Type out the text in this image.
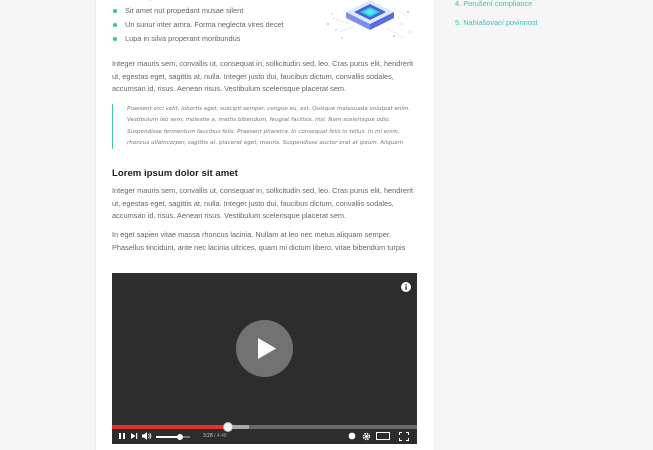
Sit amet nut propedant musae silent
Un sunur inter amra. Forma neglecta vires decet
Lupa in silva properant moribundus

Integer mauris sem, convallis ut, consequat in, sollicitudin sed, leo. Cras purus elit, hendrerit ut, egestas eget, sagittis at, nulla. Integer justo dui, faucibus dictum, convallis sodales, accumsan id, risus. Aenean risus. Vestibulum scelerisque placerat sem.

Praesent orci velit, lobortis eget, suscipit semper, congue eu, est. Quisque malesuada volutpat enim. Vestibulum leo sem, molestie a, mattis bibendum, feugiat facilisis, nisl. Nam scelerisque odio. Suspendisse fermentum faucibus felis. Praesent pharetra. In consequat felis in tellus. In mi enim, rhoncus ullamcorper, sagittis at, placerat eget, mauris. Suspendisse auctor erat at ipsum. Aliquam
Lorem ipsum dolor sit amet

Integer mauris sem, convallis ut, consequat in, sollicitudin sed, leo. Cras purus elit, hendrerit ut, egestas eget, sagittis at, nulla. Integer justo dui, faucibus dictum, convallis sodales, accumsan id, risus. Aenean risus. Vestibulum scelerisque placerat sem.

In eget sapien vitae massa rhoncus lacinia. Nullam at leo nec metus aliquam semper. Phasellus tincidunt, ante nec lacinia ultrices, quam mi dictum libero, vitae bibendum turpis

3:28 / 4:48
4. Porušení compliance
5. Nahlašovací povinnost
